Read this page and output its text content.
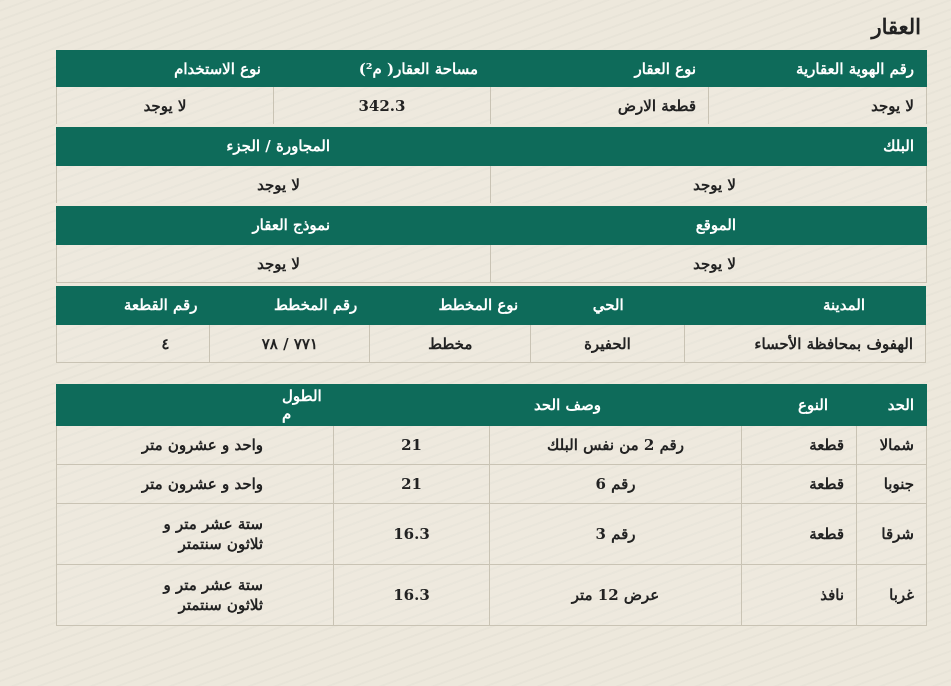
العقار
رقم الهوية العقارية	نوع العقار	مساحة العقار( م²)	نوع الاستخدام
لا يوجد	قطعة الارض	342.3	لا يوجد
البلك		المجاورة / الجزء	
لا يوجد		لا يوجد	
الموقع		نموذج العقار	
لا يوجد		لا يوجد	
المدينة	الحي	نوع المخطط	رقم المخطط	رقم القطعة
الهفوف بمحافظة الأحساء	الحفيرة	مخطط	٧٧١ / ٧٨	٤
الحد	النوع	وصف الحد		الطول م
شمالا	قطعة	رقم 2 من نفس البلك	21	واحد و عشرون متر
جنوبا	قطعة	رقم 6	21	واحد و عشرون متر
شرقا	قطعة	رقم 3	16.3	ستة عشر متر و ثلاثون سنتمتر
غربا	نافذ	عرض 12 متر	16.3	ستة عشر متر و ثلاثون سنتمتر
